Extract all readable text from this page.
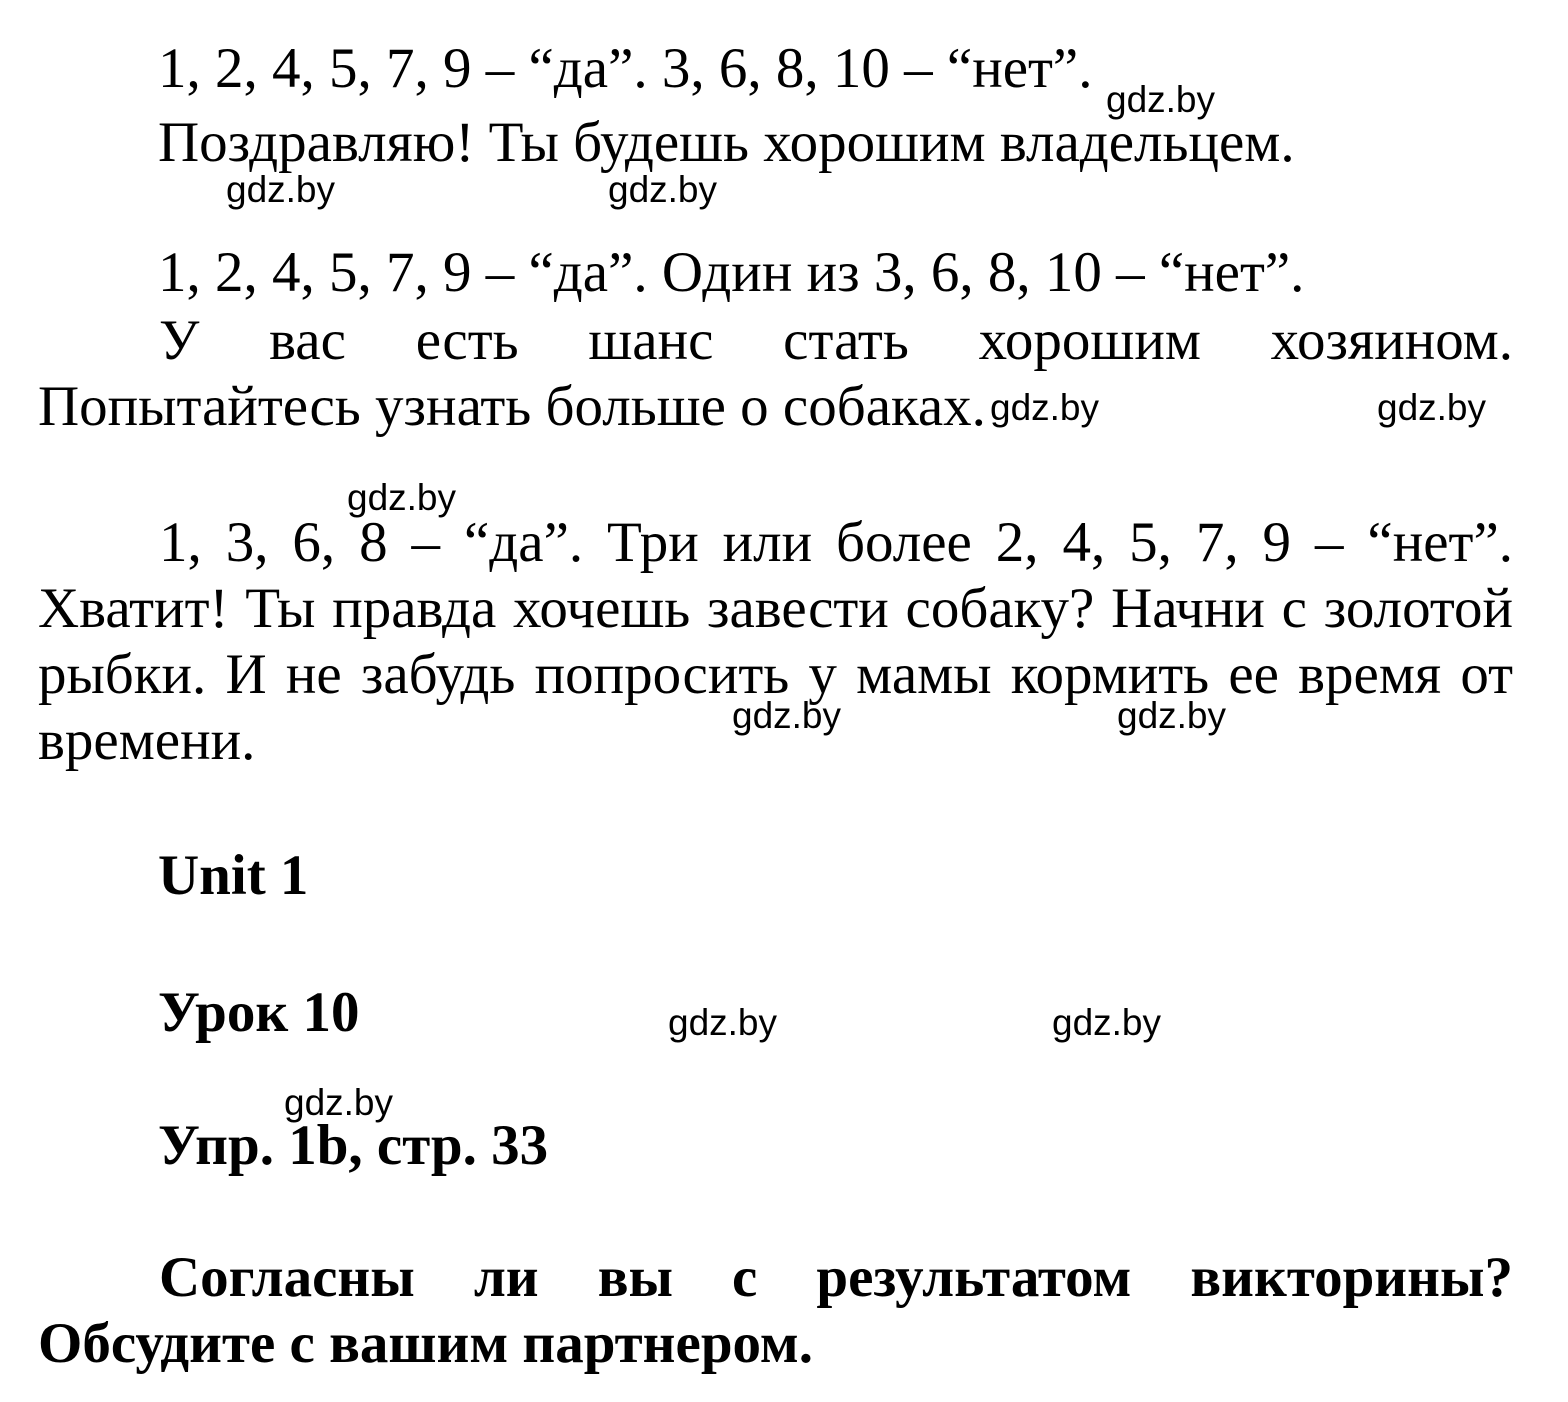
1, 2, 4, 5, 7, 9 – “да”. 3, 6, 8, 10 – “нет”.

Поздравляю! Ты будешь хорошим владельцем.

1, 2, 4, 5, 7, 9 – “да”. Один из 3, 6, 8, 10 – “нет”.

У вас есть шанс стать хорошим хозяином. Попытайтесь узнать больше о собаках.

1, 3, 6, 8 – “да”. Три или более 2, 4, 5, 7, 9 – “нет”. Хватит! Ты правда хочешь завести собаку? Начни с золотой рыбки. И не забудь попросить у мамы кормить ее время от времени.

Unit 1

Урок 10

Упр. 1b, стр. 33

Согласны ли вы с результатом викторины? Обсудите с вашим партнером.

gdz.by
gdz.by	gdz.by
gdz.by	gdz.by
gdz.by
gdz.by	gdz.by
gdz.by	gdz.by
gdz.by
